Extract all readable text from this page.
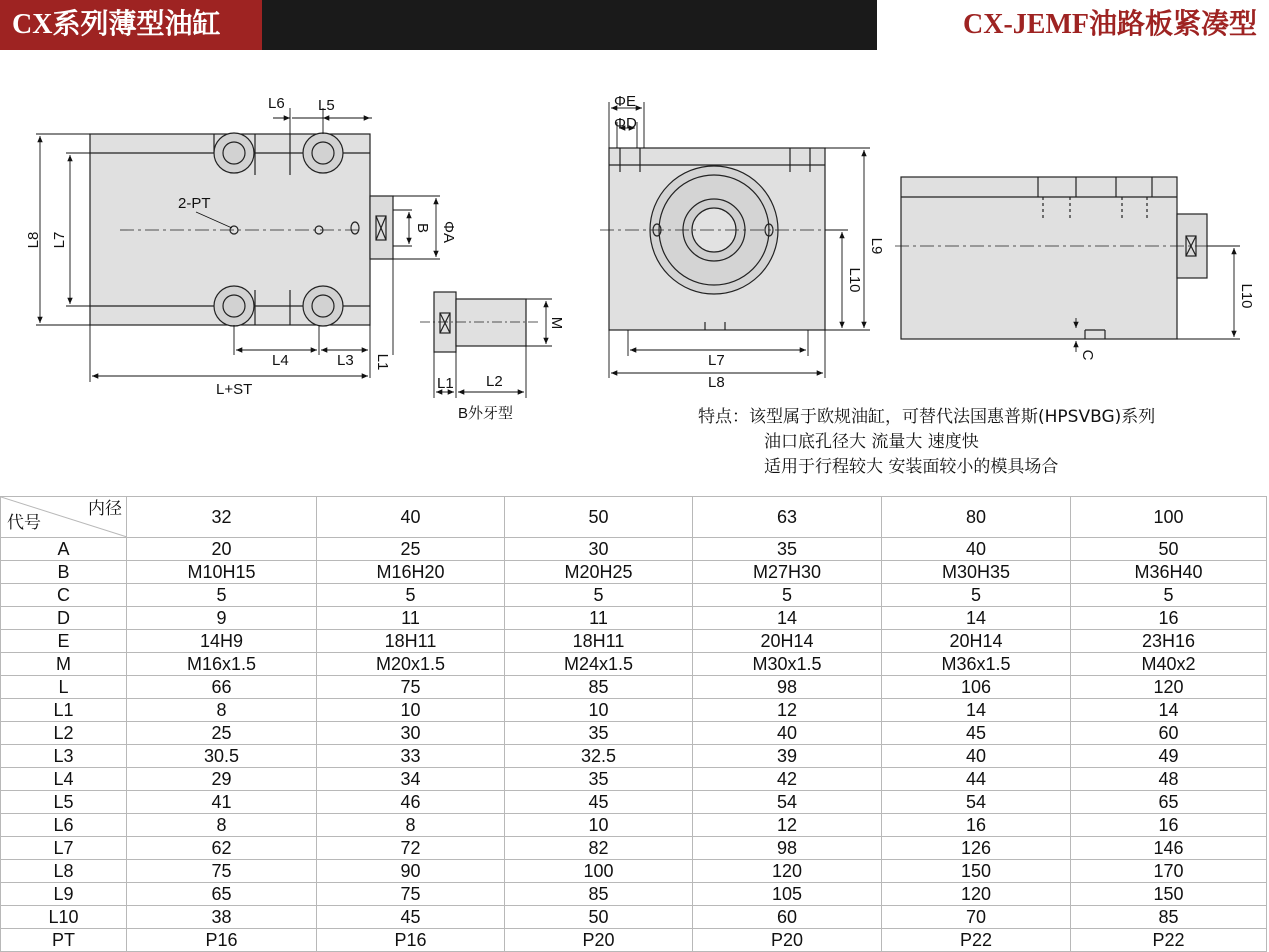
CX系列薄型油缸	CX-JEMF油路板紧凑型
L6 L5
2-PT
L4	L3
L+ST
L8 L7
B ΦA
L1
M
L1 L2
B外牙型
ΦE
ΦD
L9
L10
L7
L8
L10
C
特点：该型属于欧规油缸，可替代法国惠普斯(HPSVBG)系列
油口底孔径大 流量大 速度快
适用于行程较大 安装面较小的模具场合
内径
代号	32	40	50	63	80	100
A	20	25	30	35	40	50
B	M10H15	M16H20	M20H25	M27H30	M30H35	M36H40
C	5	5	5	5	5	5
D	9	11	11	14	14	16
E	14H9	18H11	18H11	20H14	20H14	23H16
M	M16x1.5	M20x1.5	M24x1.5	M30x1.5	M36x1.5	M40x2
L	66	75	85	98	106	120
L1	8	10	10	12	14	14
L2	25	30	35	40	45	60
L3	30.5	33	32.5	39	40	49
L4	29	34	35	42	44	48
L5	41	46	45	54	54	65
L6	8	8	10	12	16	16
L7	62	72	82	98	126	146
L8	75	90	100	120	150	170
L9	65	75	85	105	120	150
L10	38	45	50	60	70	85
PT	P16	P16	P20	P20	P22	P22
